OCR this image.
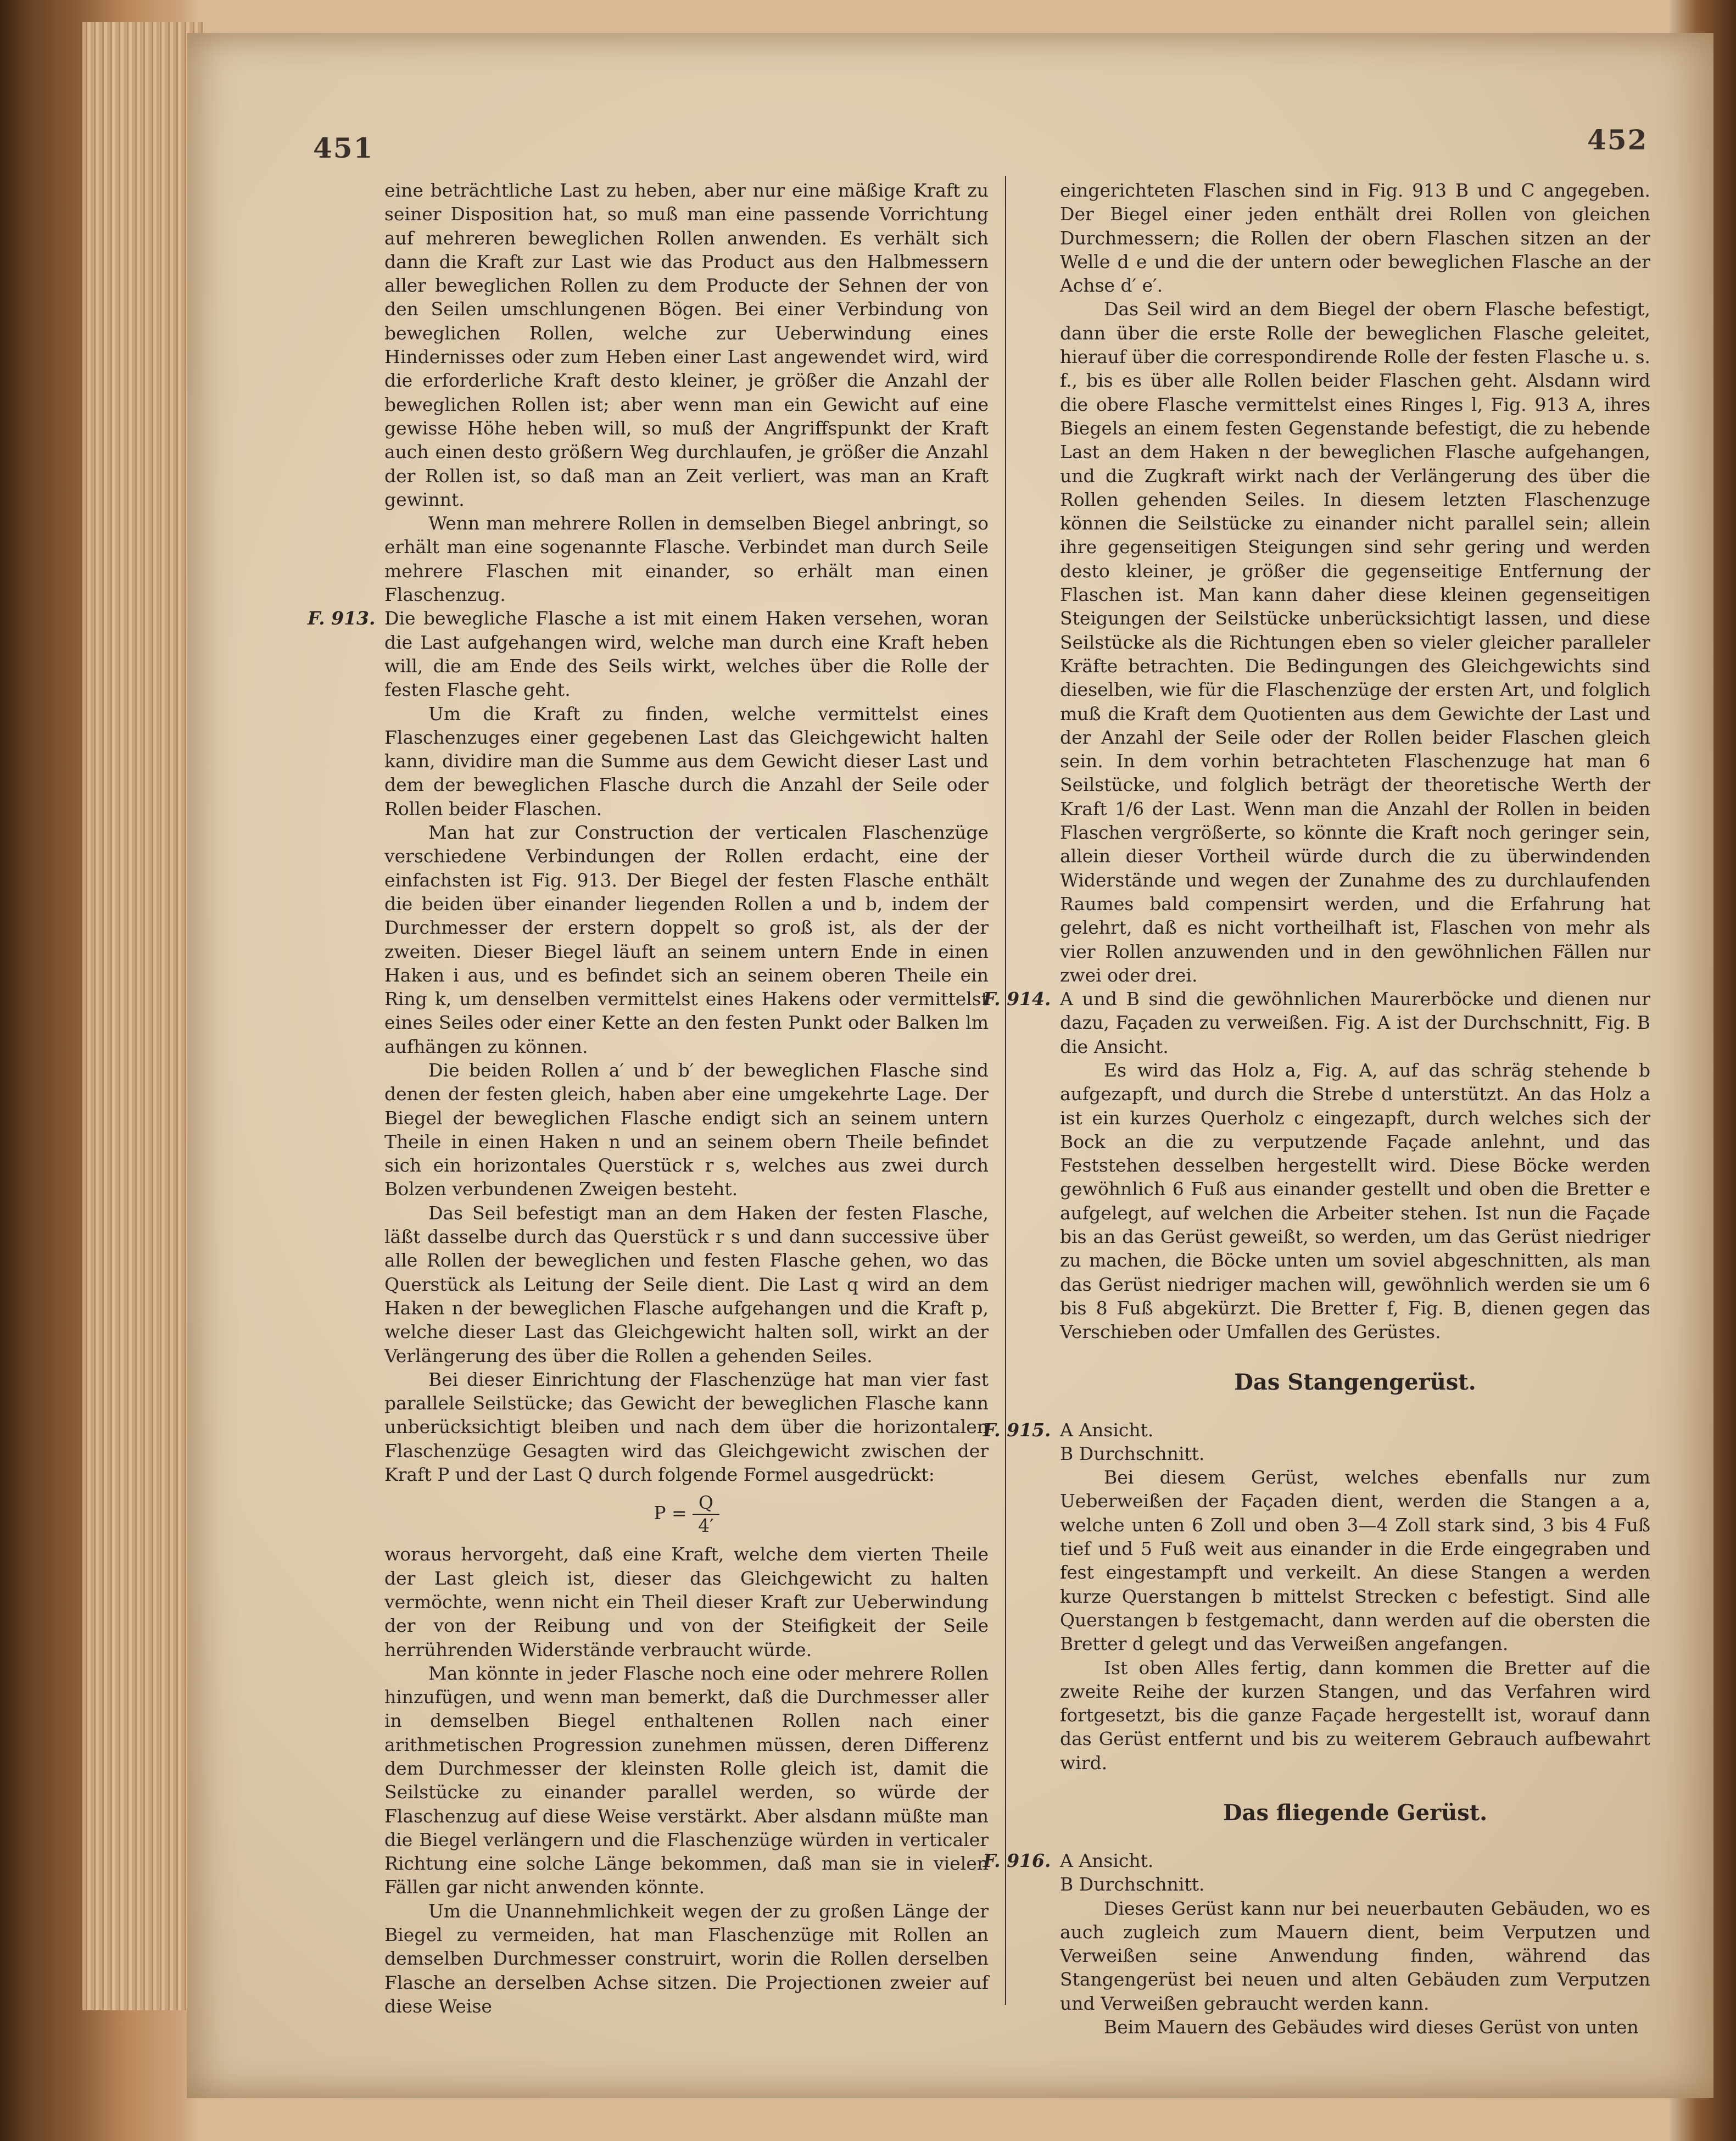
451	452

eine beträchtliche Last zu heben, aber nur eine mäßige Kraft zu seiner Disposition hat, so muß man eine passende Vorrichtung auf mehreren beweglichen Rollen anwenden. Es verhält sich dann die Kraft zur Last wie das Product aus den Halbmessern aller beweglichen Rollen zu dem Producte der Sehnen der von den Seilen umschlungenen Bögen. Bei einer Verbindung von beweglichen Rollen, welche zur Ueberwindung eines Hindernisses oder zum Heben einer Last angewendet wird, wird die erforderliche Kraft desto kleiner, je größer die Anzahl der beweglichen Rollen ist; aber wenn man ein Gewicht auf eine gewisse Höhe heben will, so muß der Angriffspunkt der Kraft auch einen desto größern Weg durchlaufen, je größer die Anzahl der Rollen ist, so daß man an Zeit verliert, was man an Kraft gewinnt.

Wenn man mehrere Rollen in demselben Biegel anbringt, so erhält man eine sogenannte Flasche. Verbindet man durch Seile mehrere Flaschen mit einander, so erhält man einen Flaschenzug.

Die bewegliche Flasche a ist mit einem Haken versehen, woran die Last aufgehangen wird, welche man durch eine Kraft heben will, die am Ende des Seils wirkt, welches über die Rolle der festen Flasche geht.

Um die Kraft zu finden, welche vermittelst eines Flaschenzuges einer gegebenen Last das Gleichgewicht halten kann, dividire man die Summe aus dem Gewicht dieser Last und dem der beweglichen Flasche durch die Anzahl der Seile oder Rollen beider Flaschen.

Man hat zur Construction der verticalen Flaschenzüge verschiedene Verbindungen der Rollen erdacht, eine der einfachsten ist Fig. 913. Der Biegel der festen Flasche enthält die beiden über einander liegenden Rollen a und b, indem der Durchmesser der erstern doppelt so groß ist, als der der zweiten. Dieser Biegel läuft an seinem untern Ende in einen Haken i aus, und es befindet sich an seinem oberen Theile ein Ring k, um denselben vermittelst eines Hakens oder vermittelst eines Seiles oder einer Kette an den festen Punkt oder Balken lm aufhängen zu können.

Die beiden Rollen a′ und b′ der beweglichen Flasche sind denen der festen gleich, haben aber eine umgekehrte Lage. Der Biegel der beweglichen Flasche endigt sich an seinem untern Theile in einen Haken n und an seinem obern Theile befindet sich ein horizontales Querstück r s, welches aus zwei durch Bolzen verbundenen Zweigen besteht.

Das Seil befestigt man an dem Haken der festen Flasche, läßt dasselbe durch das Querstück r s und dann successive über alle Rollen der beweglichen und festen Flasche gehen, wo das Querstück als Leitung der Seile dient. Die Last q wird an dem Haken n der beweglichen Flasche aufgehangen und die Kraft p, welche dieser Last das Gleichgewicht halten soll, wirkt an der Verlängerung des über die Rollen a gehenden Seiles.

Bei dieser Einrichtung der Flaschenzüge hat man vier fast parallele Seilstücke; das Gewicht der beweglichen Flasche kann unberücksichtigt bleiben und nach dem über die horizontalen Flaschenzüge Gesagten wird das Gleichgewicht zwischen der Kraft P und der Last Q durch folgende Formel ausgedrückt:

$P = \frac{Q}{4'}$

woraus hervorgeht, daß eine Kraft, welche dem vierten Theile der Last gleich ist, dieser das Gleichgewicht zu halten vermöchte, wenn nicht ein Theil dieser Kraft zur Ueberwindung der von der Reibung und von der Steifigkeit der Seile herrührenden Widerstände verbraucht würde.

Man könnte in jeder Flasche noch eine oder mehrere Rollen hinzufügen, und wenn man bemerkt, daß die Durchmesser aller in demselben Biegel enthaltenen Rollen nach einer arithmetischen Progression zunehmen müssen, deren Differenz dem Durchmesser der kleinsten Rolle gleich ist, damit die Seilstücke zu einander parallel werden, so würde der Flaschenzug auf diese Weise verstärkt. Aber alsdann müßte man die Biegel verlängern und die Flaschenzüge würden in verticaler Richtung eine solche Länge bekommen, daß man sie in vielen Fällen gar nicht anwenden könnte.

Um die Unannehmlichkeit wegen der zu großen Länge der Biegel zu vermeiden, hat man Flaschenzüge mit Rollen an demselben Durchmesser construirt, worin die Rollen derselben Flasche an derselben Achse sitzen. Die Projectionen zweier auf diese Weise

eingerichteten Flaschen sind in Fig. 913 B und C angegeben. Der Biegel einer jeden enthält drei Rollen von gleichen Durchmessern; die Rollen der obern Flaschen sitzen an der Welle d e und die der untern oder beweglichen Flasche an der Achse d′ e′.

Das Seil wird an dem Biegel der obern Flasche befestigt, dann über die erste Rolle der beweglichen Flasche geleitet, hierauf über die correspondirende Rolle der festen Flasche u. s. f., bis es über alle Rollen beider Flaschen geht. Alsdann wird die obere Flasche vermittelst eines Ringes l, Fig. 913 A, ihres Biegels an einem festen Gegenstande befestigt, die zu hebende Last an dem Haken n der beweglichen Flasche aufgehangen, und die Zugkraft wirkt nach der Verlängerung des über die Rollen gehenden Seiles. In diesem letzten Flaschenzuge können die Seilstücke zu einander nicht parallel sein; allein ihre gegenseitigen Steigungen sind sehr gering und werden desto kleiner, je größer die gegenseitige Entfernung der Flaschen ist. Man kann daher diese kleinen gegenseitigen Steigungen der Seilstücke unberücksichtigt lassen, und diese Seilstücke als die Richtungen eben so vieler gleicher paralleler Kräfte betrachten. Die Bedingungen des Gleichgewichts sind dieselben, wie für die Flaschenzüge der ersten Art, und folglich muß die Kraft dem Quotienten aus dem Gewichte der Last und der Anzahl der Seile oder der Rollen beider Flaschen gleich sein. In dem vorhin betrachteten Flaschenzuge hat man 6 Seilstücke, und folglich beträgt der theoretische Werth der Kraft 1/6 der Last. Wenn man die Anzahl der Rollen in beiden Flaschen vergrößerte, so könnte die Kraft noch geringer sein, allein dieser Vortheil würde durch die zu überwindenden Widerstände und wegen der Zunahme des zu durchlaufenden Raumes bald compensirt werden, und die Erfahrung hat gelehrt, daß es nicht vortheilhaft ist, Flaschen von mehr als vier Rollen anzuwenden und in den gewöhnlichen Fällen nur zwei oder drei.

A und B sind die gewöhnlichen Maurerböcke und dienen nur dazu, Façaden zu verweißen. Fig. A ist der Durchschnitt, Fig. B die Ansicht.

Es wird das Holz a, Fig. A, auf das schräg stehende b aufgezapft, und durch die Strebe d unterstützt. An das Holz a ist ein kurzes Querholz c eingezapft, durch welches sich der Bock an die zu verputzende Façade anlehnt, und das Feststehen desselben hergestellt wird. Diese Böcke werden gewöhnlich 6 Fuß aus einander gestellt und oben die Bretter e aufgelegt, auf welchen die Arbeiter stehen. Ist nun die Façade bis an das Gerüst geweißt, so werden, um das Gerüst niedriger zu machen, die Böcke unten um soviel abgeschnitten, als man das Gerüst niedriger machen will, gewöhnlich werden sie um 6 bis 8 Fuß abgekürzt. Die Bretter f, Fig. B, dienen gegen das Verschieben oder Umfallen des Gerüstes.

Das Stangengerüst.
A Ansicht.
B Durchschnitt.

Bei diesem Gerüst, welches ebenfalls nur zum Ueberweißen der Façaden dient, werden die Stangen a a, welche unten 6 Zoll und oben 3—4 Zoll stark sind, 3 bis 4 Fuß tief und 5 Fuß weit aus einander in die Erde eingegraben und fest eingestampft und verkeilt. An diese Stangen a werden kurze Querstangen b mittelst Strecken c befestigt. Sind alle Querstangen b festgemacht, dann werden auf die obersten die Bretter d gelegt und das Verweißen angefangen.

Ist oben Alles fertig, dann kommen die Bretter auf die zweite Reihe der kurzen Stangen, und das Verfahren wird fortgesetzt, bis die ganze Façade hergestellt ist, worauf dann das Gerüst entfernt und bis zu weiterem Gebrauch aufbewahrt wird.

Das fliegende Gerüst.
A Ansicht.
B Durchschnitt.

Dieses Gerüst kann nur bei neuerbauten Gebäuden, wo es auch zugleich zum Mauern dient, beim Verputzen und Verweißen seine Anwendung finden, während das Stangengerüst bei neuen und alten Gebäuden zum Verputzen und Verweißen gebraucht werden kann.

Beim Mauern des Gebäudes wird dieses Gerüst von unten
